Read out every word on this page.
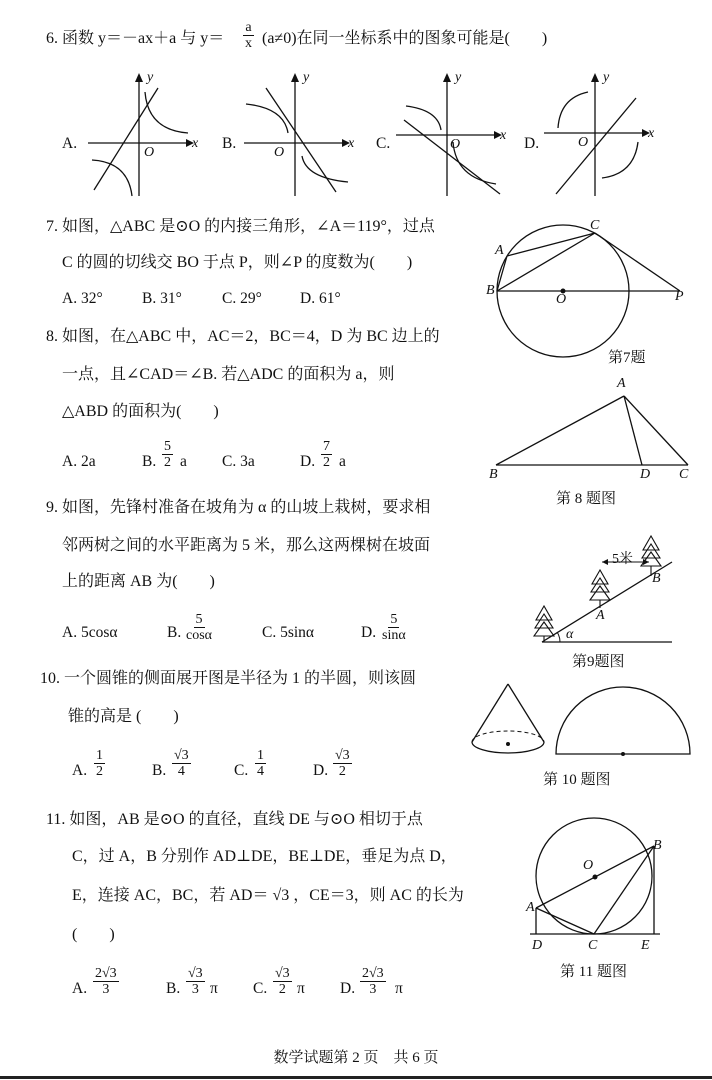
6. 函数 y＝－ax＋a 与 $y= \frac{a}{x} (a\ne 0)$在同一坐标系中的图象可能是(　　)
A.
y
x
O
B.
y
x
O
C.
y
x
O	D.
y
x
O
7. 如图，△ABC 是⊙O 的内接三角形，∠A＝119°，过点
C 的圆的切线交 BO 于点 P，则∠P 的度数为(　　)
A. 32°	B. 31°	C. 29° D. 61°
A
B
C
O	P
第7题
8. 如图，在△ABC 中，AC＝2，BC＝4，D 为 BC 边上的
一点，且∠CAD＝∠B. 若△ADC 的面积为 a，则
△ABD 的面积为(　　)
A. 2a	B. $\frac{5}{2}$ a C. 3a	D. $\frac{7}{2}$ a
A
B	D C
第 8 题图
9. 如图，先锋村准备在坡角为 α 的山坡上栽树，要求相
邻两树之间的水平距离为 5 米，那么这两棵树在坡面
上的距离 AB 为(　　)
A. 5cosα	B. $\frac{5}{\cos\alpha}$	C. 5sinα	D. $\frac{5}{\sin\alpha}$
5米
A
B
α
第9题图
10. 一个圆锥的侧面展开图是半径为 1 的半圆，则该圆
锥的高是 (　　)
A. $\frac{1}{2}$	B. $\frac{√3}{4}$	C. $\frac{1}{4}$	D. $\frac{√3}{2}$
第 10 题图
11. 如图，AB 是⊙O 的直径，直线 DE 与⊙O 相切于点
C，过 A，B 分别作 AD⊥DE，BE⊥DE，垂足为点 D，
E，连接 AC，BC，若 AD＝ √3 ，CE＝3，则 AC 的长为
(　　)
A. $\frac{2√3}{3}$	B. $\frac{√3}{3}$ π C. $\frac{√3}{2}$ π D. $\frac{2√3}{3}$ π
O
B
A
D	C	E
第 11 题图
数学试题第 2 页　共 6 页
